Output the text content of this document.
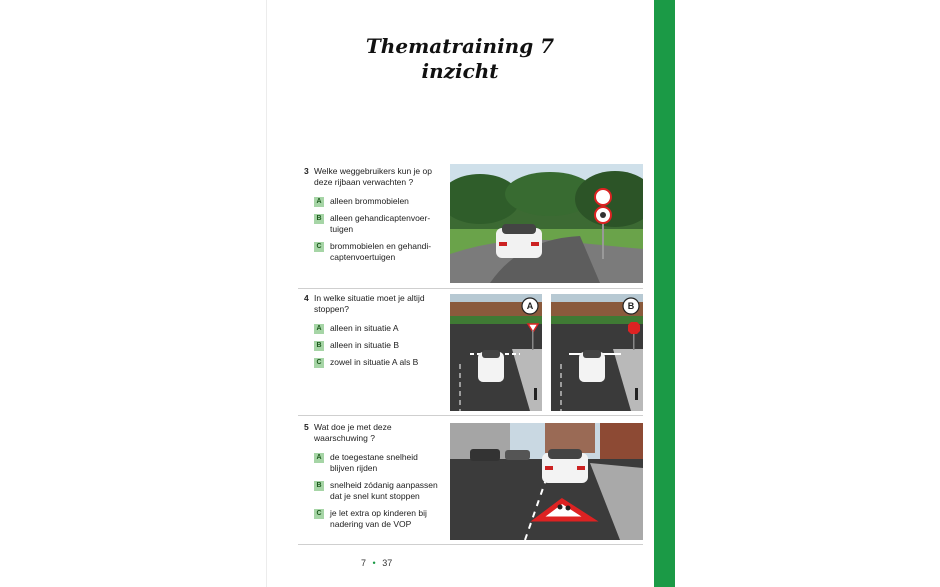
Thematraining 7
inzicht
3 Welke weggebruikers kun je op deze rijbaan verwachten ?
A alleen brommobielen
B alleen gehandicaptenvoer-tuigen
C brommobielen en gehandi-captenvoertuigen
4 In welke situatie moet je altijd stoppen?
A alleen in situatie A
B alleen in situatie B
C zowel in situatie A als B
A	B
5 Wat doe je met deze waarschuwing ?
A de toegestane snelheid blijven rijden
B snelheid zódanig aanpassen dat je snel kunt stoppen
C je let extra op kinderen bij nadering van de VOP
7 • 37
